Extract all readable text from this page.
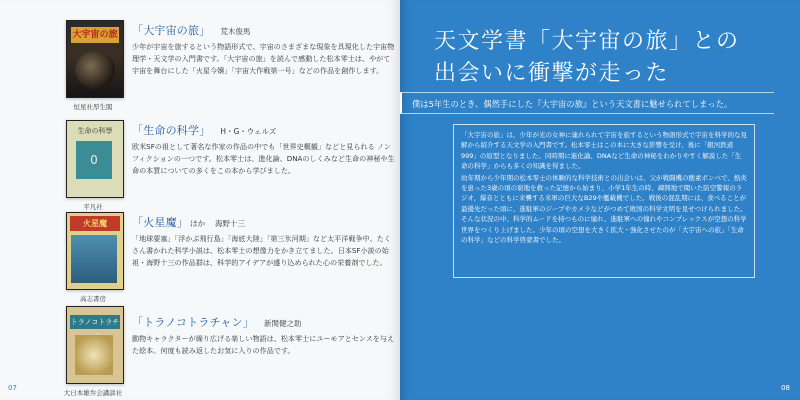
大宇宙の旅
恒星社厚生閣
「大宇宙の旅」 荒木俊馬

少年が宇宙を旅するという物語形式で、宇宙のさまざまな現象を具現化した宇宙物理学・天文学の入門書です。「大宇宙の旅」を読んで感動した松本零士は、やがて宇宙を舞台にした「火星今嬢」「宇宙大作戦第一号」などの作品を創作します。

生命の科學
0
平凡社
「生命の科学」 H・G・ウェルズ

欧米SFの祖として著名な作家の作品の中でも「世界史概観」などと見られる ノンフィクションの一つです。松本零士は、進化論、DNAのしくみなど生命の神秘や生命の本質についての多くをこの本から学びました。

火星魔
高志書房
「火星魔」 ほか 海野十三

「地球要塞」「浮かぶ飛行島」「海底大陸」「第三氷河期」など太平洋戦争中、たくさん書かれた科学小説は、松本零士の想像力をかき立てました。日本SF小説の始祖・海野十三の作品群は、科学的アイデアが盛り込められた心の栄養剤でした。

トラノコトラチ
大日本雄弁会講談社
「トラノコトラチャン」 新関健之助

動物キャラクターが繰り広げる楽しい物語は、松本零士にユーモアとセンスを与えた絵本。何度も読み返したお気に入りの作品です。

07
天文学書「大宇宙の旅」との
出会いに衝撃が走った
僕は5年生のとき、偶然手にした『大宇宙の旅』という天文書に魅せられてしまった。

「大宇宙の旅」は、少年が光の女神に連れられて宇宙を旅するという物語形式で宇宙を科学的な見解から紹介する天文学の入門書です。松本零士はこの本に大きな影響を受け、後に「銀河鉄道999」の原型となりました。同時期に進化論、DNAなど生命の神秘をわかりやすく解説した「生命の科学」からも多くの知識を得ました。

幼年期から少年期の松本零士の体験的な科学技術との出会いは、父が戦闘機の酸素ボンベで、熱炎を患った3歳の頃の窮地を救った記憶から始まり、小学1年生の時、疎開地で聞いた防空警報のラジオ、爆音とともに来襲する米軍の巨大なB29や艦載機でした。戦後の混乱期には、食べることが最優先だった頃に、進駐軍のジープやカメラなどがつめて敗国の科学文明を見せつけられました。そんな状況の中、科学的ムードを持つものに憧れ、進駐軍への憧れやコンプレックスが空想の科学世界をつくり上げました。少年の頃の空想を大きく拡大・強化させたのが「大宇宙への旅」「生命の科学」などの科学啓蒙書でした。

08
